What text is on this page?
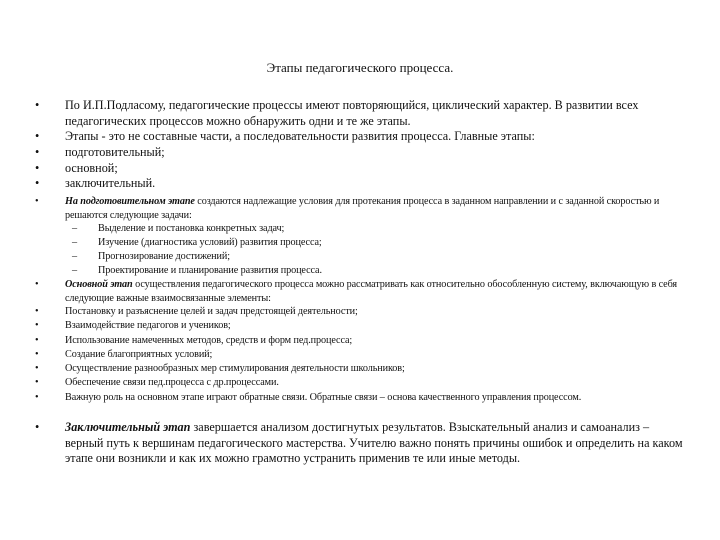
Этапы педагогического процесса.
• По И.П.Подласому, педагогические процессы имеют повторяющийся, циклический характер. В развитии всех педагогических процессов можно обнаружить одни и те же этапы.
• Этапы - это не составные части, а последовательности развития процесса. Главные этапы:
• подготовительный;
• основной;
• заключительный.
•	На подготовительном этапе создаются надлежащие условия для протекания процесса в заданном направлении и с заданной скоростью и решаются следующие задачи:
– Выделение и постановка конкретных задач;
– Изучение (диагностика условий) развития процесса;
– Прогнозирование достижений;
– Проектирование и планирование развития процесса.
•	Основной этап осуществления педагогического процесса можно рассматривать как относительно обособленную систему, включающую в себя следующие важные взаимосвязанные элементы:
•	Постановку и разъяснение целей и задач предстоящей деятельности;
•	Взаимодействие педагогов и учеников;
•	Использование намеченных методов, средств и форм пед.процесса;
•	Создание благоприятных условий;
•	Осуществление разнообразных мер стимулирования деятельности школьников;
•	Обеспечение связи пед.процесса с др.процессами.
•	Важную роль на основном этапе играют обратные связи. Обратные связи – основа качественного управления процессом.
• Заключительный этап завершается анализом достигнутых результатов. Взыскательный анализ и самоанализ – верный путь к вершинам педагогического мастерства. Учителю важно понять причины ошибок и определить на каком этапе они возникли и как их можно грамотно устранить применив те или иные методы.
